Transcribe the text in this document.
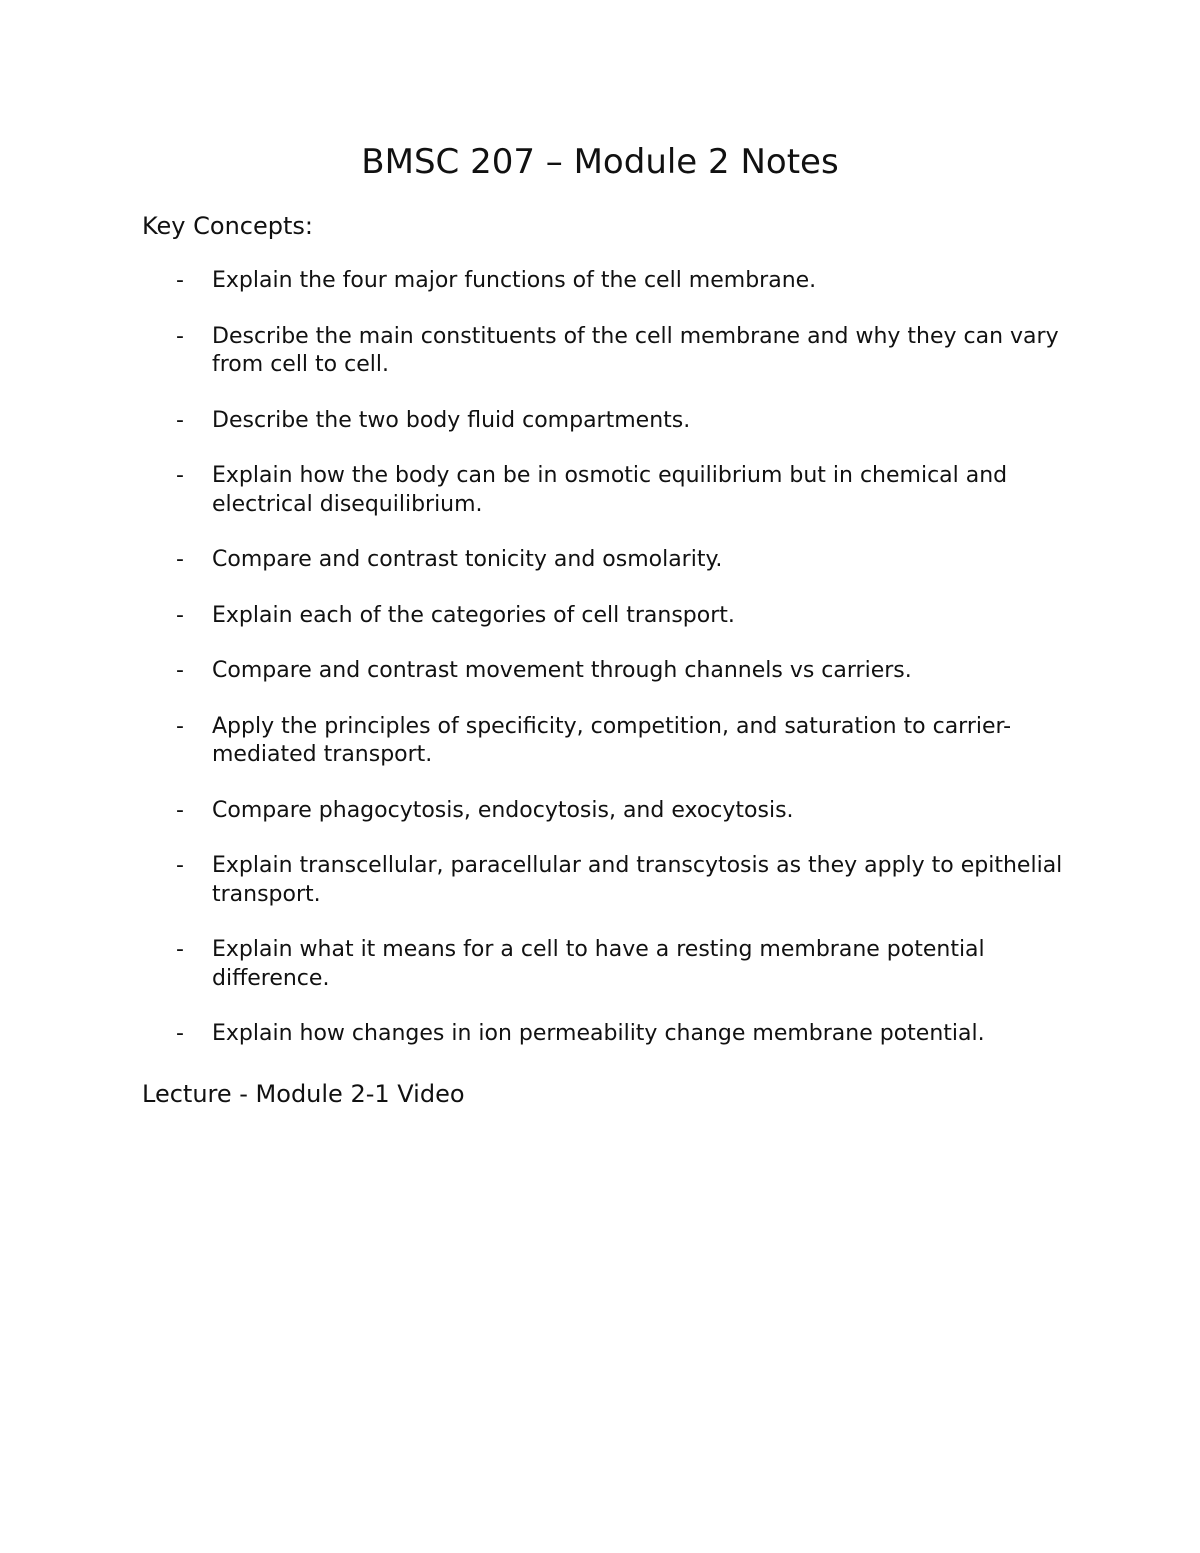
BMSC 207 – Module 2 Notes
Key Concepts:
- Explain the four major functions of the cell membrane.
- Describe the main constituents of the cell membrane and why they can vary from cell to cell.
- Describe the two body fluid compartments.
- Explain how the body can be in osmotic equilibrium but in chemical and electrical disequilibrium.
- Compare and contrast tonicity and osmolarity.
- Explain each of the categories of cell transport.
- Compare and contrast movement through channels vs carriers.
- Apply the principles of specificity, competition, and saturation to carrier-mediated transport.
- Compare phagocytosis, endocytosis, and exocytosis.
- Explain transcellular, paracellular and transcytosis as they apply to epithelial transport.
- Explain what it means for a cell to have a resting membrane potential difference.
- Explain how changes in ion permeability change membrane potential.
Lecture - Module 2-1 Video
